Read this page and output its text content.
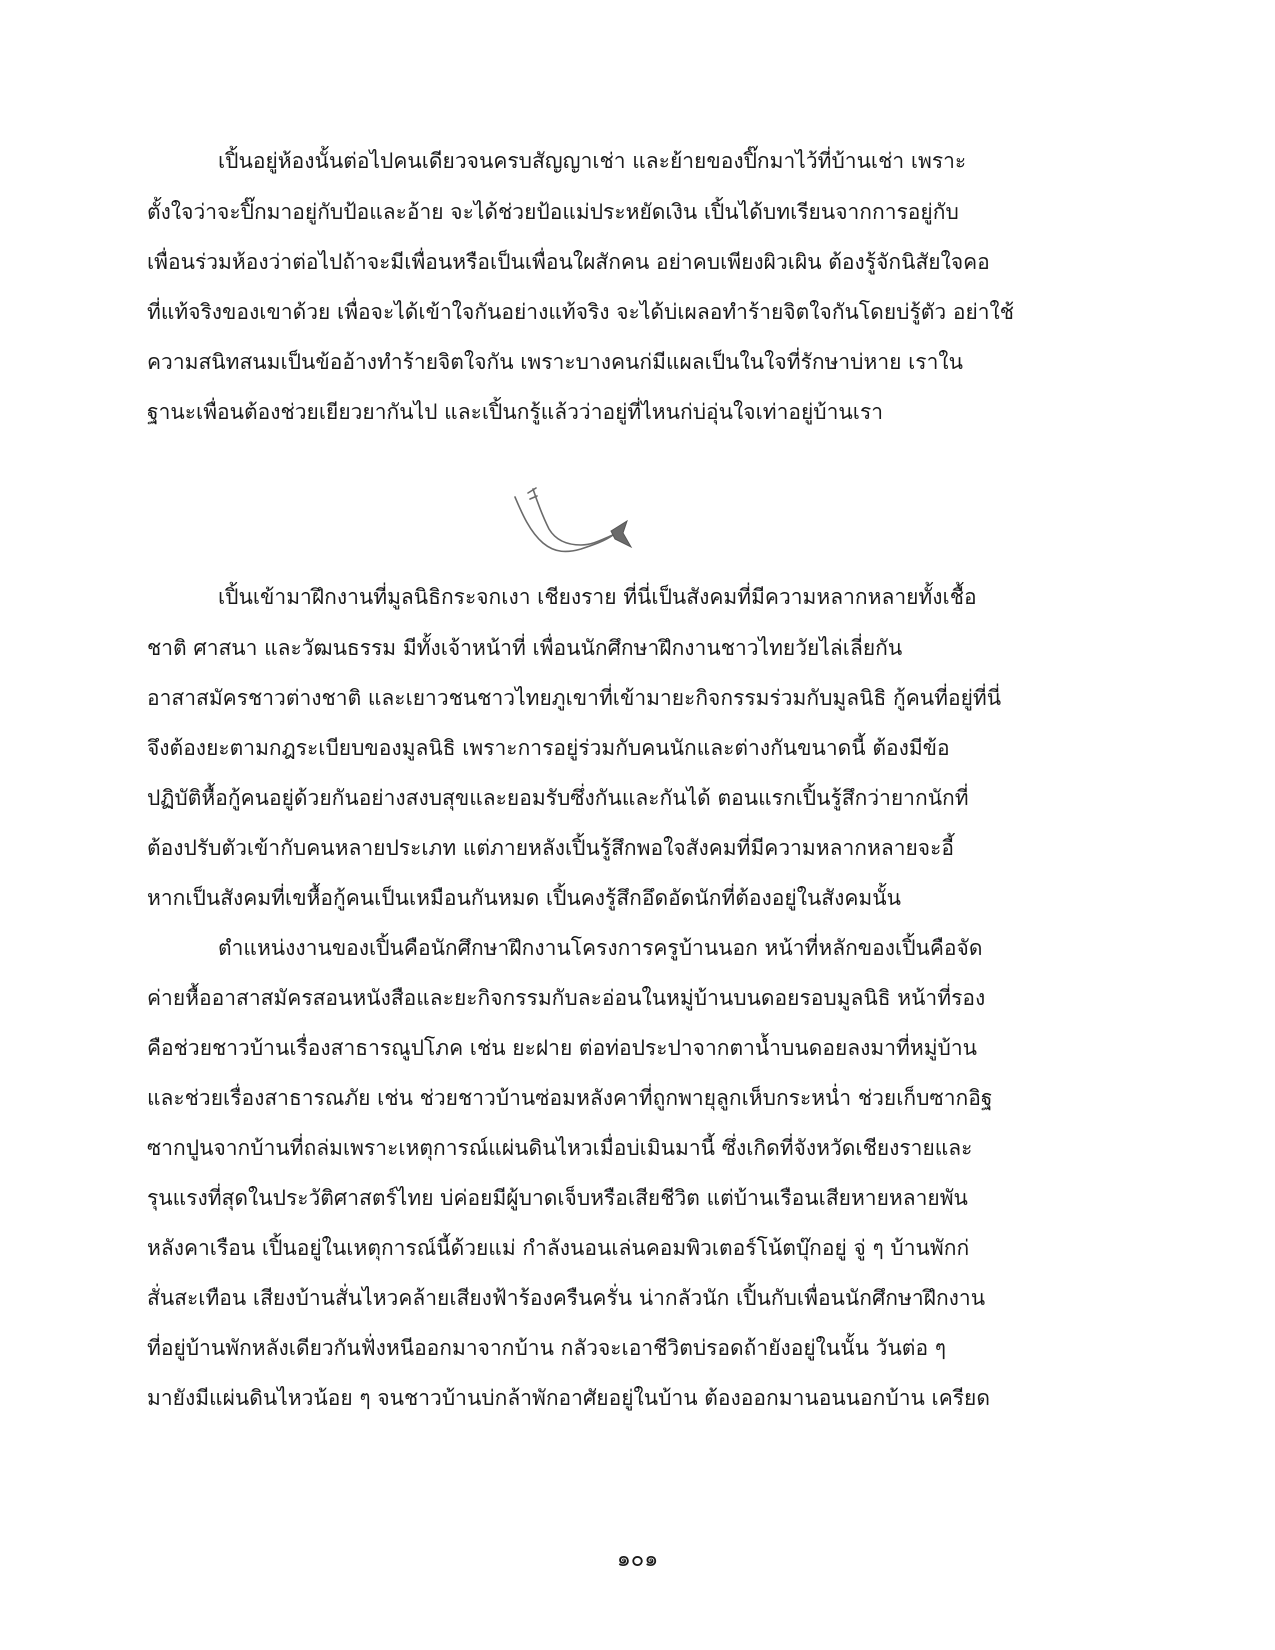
เปิ้นอยู่ห้องนั้นต่อไปคนเดียวจนครบสัญญาเช่า และย้ายของปิ๊กมาไว้ที่บ้านเช่า เพราะ
ตั้งใจว่าจะปิ๊กมาอยู่กับป้อและอ้าย จะได้ช่วยป้อแม่ประหยัดเงิน เปิ้นได้บทเรียนจากการอยู่กับ
เพื่อนร่วมห้องว่าต่อไปถ้าจะมีเพื่อนหรือเป็นเพื่อนใผสักคน อย่าคบเพียงผิวเผิน ต้องรู้จักนิสัยใจคอ
ที่แท้จริงของเขาด้วย เพื่อจะได้เข้าใจกันอย่างแท้จริง จะได้บ่เผลอทำร้ายจิตใจกันโดยบ่รู้ตัว อย่าใช้
ความสนิทสนมเป็นข้ออ้างทำร้ายจิตใจกัน เพราะบางคนก่มีแผลเป็นในใจที่รักษาบ่หาย เราใน
ฐานะเพื่อนต้องช่วยเยียวยากันไป และเปิ้นกรู้แล้วว่าอยู่ที่ไหนก่บ่อุ่นใจเท่าอยู่บ้านเรา
เปิ้นเข้ามาฝึกงานที่มูลนิธิกระจกเงา เชียงราย ที่นี่เป็นสังคมที่มีความหลากหลายทั้งเชื้อ
ชาติ ศาสนา และวัฒนธรรม มีทั้งเจ้าหน้าที่ เพื่อนนักศึกษาฝึกงานชาวไทยวัยไล่เลี่ยกัน
อาสาสมัครชาวต่างชาติ และเยาวชนชาวไทยภูเขาที่เข้ามายะกิจกรรมร่วมกับมูลนิธิ กู้คนที่อยู่ที่นี่
จึงต้องยะตามกฎระเบียบของมูลนิธิ เพราะการอยู่ร่วมกับคนนักและต่างกันขนาดนี้ ต้องมีข้อ
ปฏิบัติหื้อกู้คนอยู่ด้วยกันอย่างสงบสุขและยอมรับซึ่งกันและกันได้ ตอนแรกเปิ้นรู้สึกว่ายากนักที่
ต้องปรับตัวเข้ากับคนหลายประเภท แต่ภายหลังเปิ้นรู้สึกพอใจสังคมที่มีความหลากหลายจะอี้
หากเป็นสังคมที่เขหื้อกู้คนเป็นเหมือนกันหมด เปิ้นคงรู้สึกอึดอัดนักที่ต้องอยู่ในสังคมนั้น
ตำแหน่งงานของเปิ้นคือนักศึกษาฝึกงานโครงการครูบ้านนอก หน้าที่หลักของเปิ้นคือจัด
ค่ายหื้ออาสาสมัครสอนหนังสือและยะกิจกรรมกับละอ่อนในหมู่บ้านบนดอยรอบมูลนิธิ หน้าที่รอง
คือช่วยชาวบ้านเรื่องสาธารณูปโภค เช่น ยะฝาย ต่อท่อประปาจากตาน้ำบนดอยลงมาที่หมู่บ้าน
และช่วยเรื่องสาธารณภัย เช่น ช่วยชาวบ้านซ่อมหลังคาที่ถูกพายุลูกเห็บกระหน่ำ ช่วยเก็บซากอิฐ
ซากปูนจากบ้านที่ถล่มเพราะเหตุการณ์แผ่นดินไหวเมื่อบ่เมินมานี้ ซึ่งเกิดที่จังหวัดเชียงรายและ
รุนแรงที่สุดในประวัติศาสตร์ไทย บ่ค่อยมีผู้บาดเจ็บหรือเสียชีวิต แต่บ้านเรือนเสียหายหลายพัน
หลังคาเรือน เปิ้นอยู่ในเหตุการณ์นี้ด้วยแม่ กำลังนอนเล่นคอมพิวเตอร์โน้ตบุ๊กอยู่ จู่ ๆ บ้านพักก่
สั่นสะเทือน เสียงบ้านสั่นไหวคล้ายเสียงฟ้าร้องครืนครั่น น่ากลัวนัก เปิ้นกับเพื่อนนักศึกษาฝึกงาน
ที่อยู่บ้านพักหลังเดียวกันฟั่งหนีออกมาจากบ้าน กลัวจะเอาชีวิตบ่รอดถ้ายังอยู่ในนั้น วันต่อ ๆ
มายังมีแผ่นดินไหวน้อย ๆ จนชาวบ้านบ่กล้าพักอาศัยอยู่ในบ้าน ต้องออกมานอนนอกบ้าน เครียด
๑๐๑
